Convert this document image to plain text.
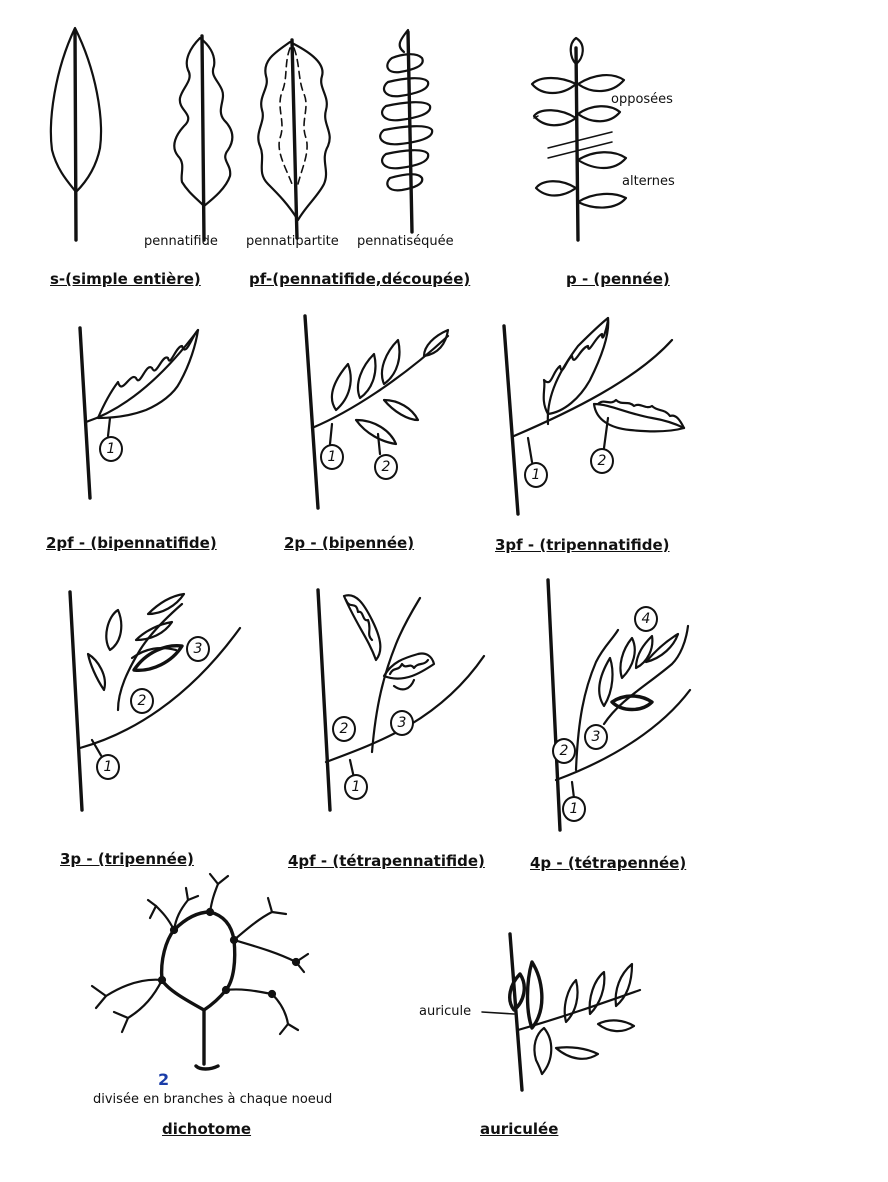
pennatifide pennatipartite pennatiséquée
opposées
alternes
s-(simple entière)	pf-(pennatifide,découpée)	p - (pennée)
1	1
2	1
2
2pf - (bipennatifide)	2p - (bipennée)	3pf - (tripennatifide)
1
2
3
1
2	3
1
2
3
4
3p - (tripennée)	4pf - (tétrapennatifide)	4p - (tétrapennée)
2
divisée en branches à chaque noeud
auricule
dichotome	auriculée
